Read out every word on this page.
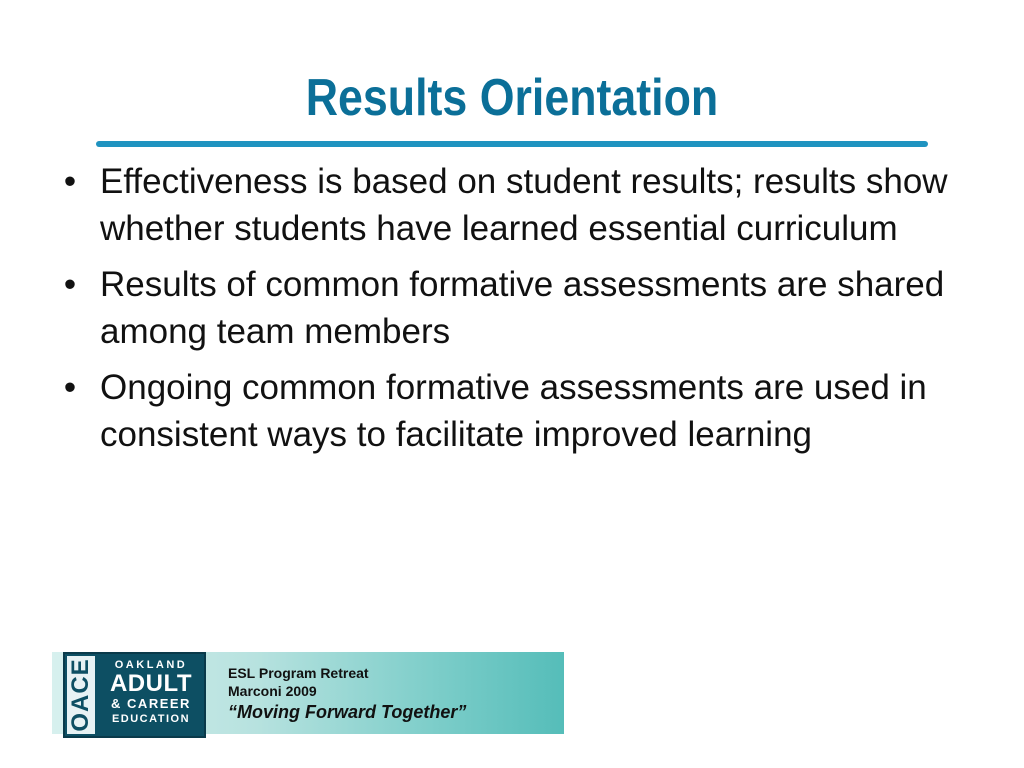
Results Orientation
• Effectiveness is based on student results; results show whether students have learned essential curriculum
• Results of common formative assessments are shared among team members
• Ongoing common formative assessments are used in consistent ways to facilitate improved learning
OACE	OAKLAND
ADULT
& CAREER
EDUCATION
ESL Program Retreat
Marconi 2009
“Moving Forward Together”
